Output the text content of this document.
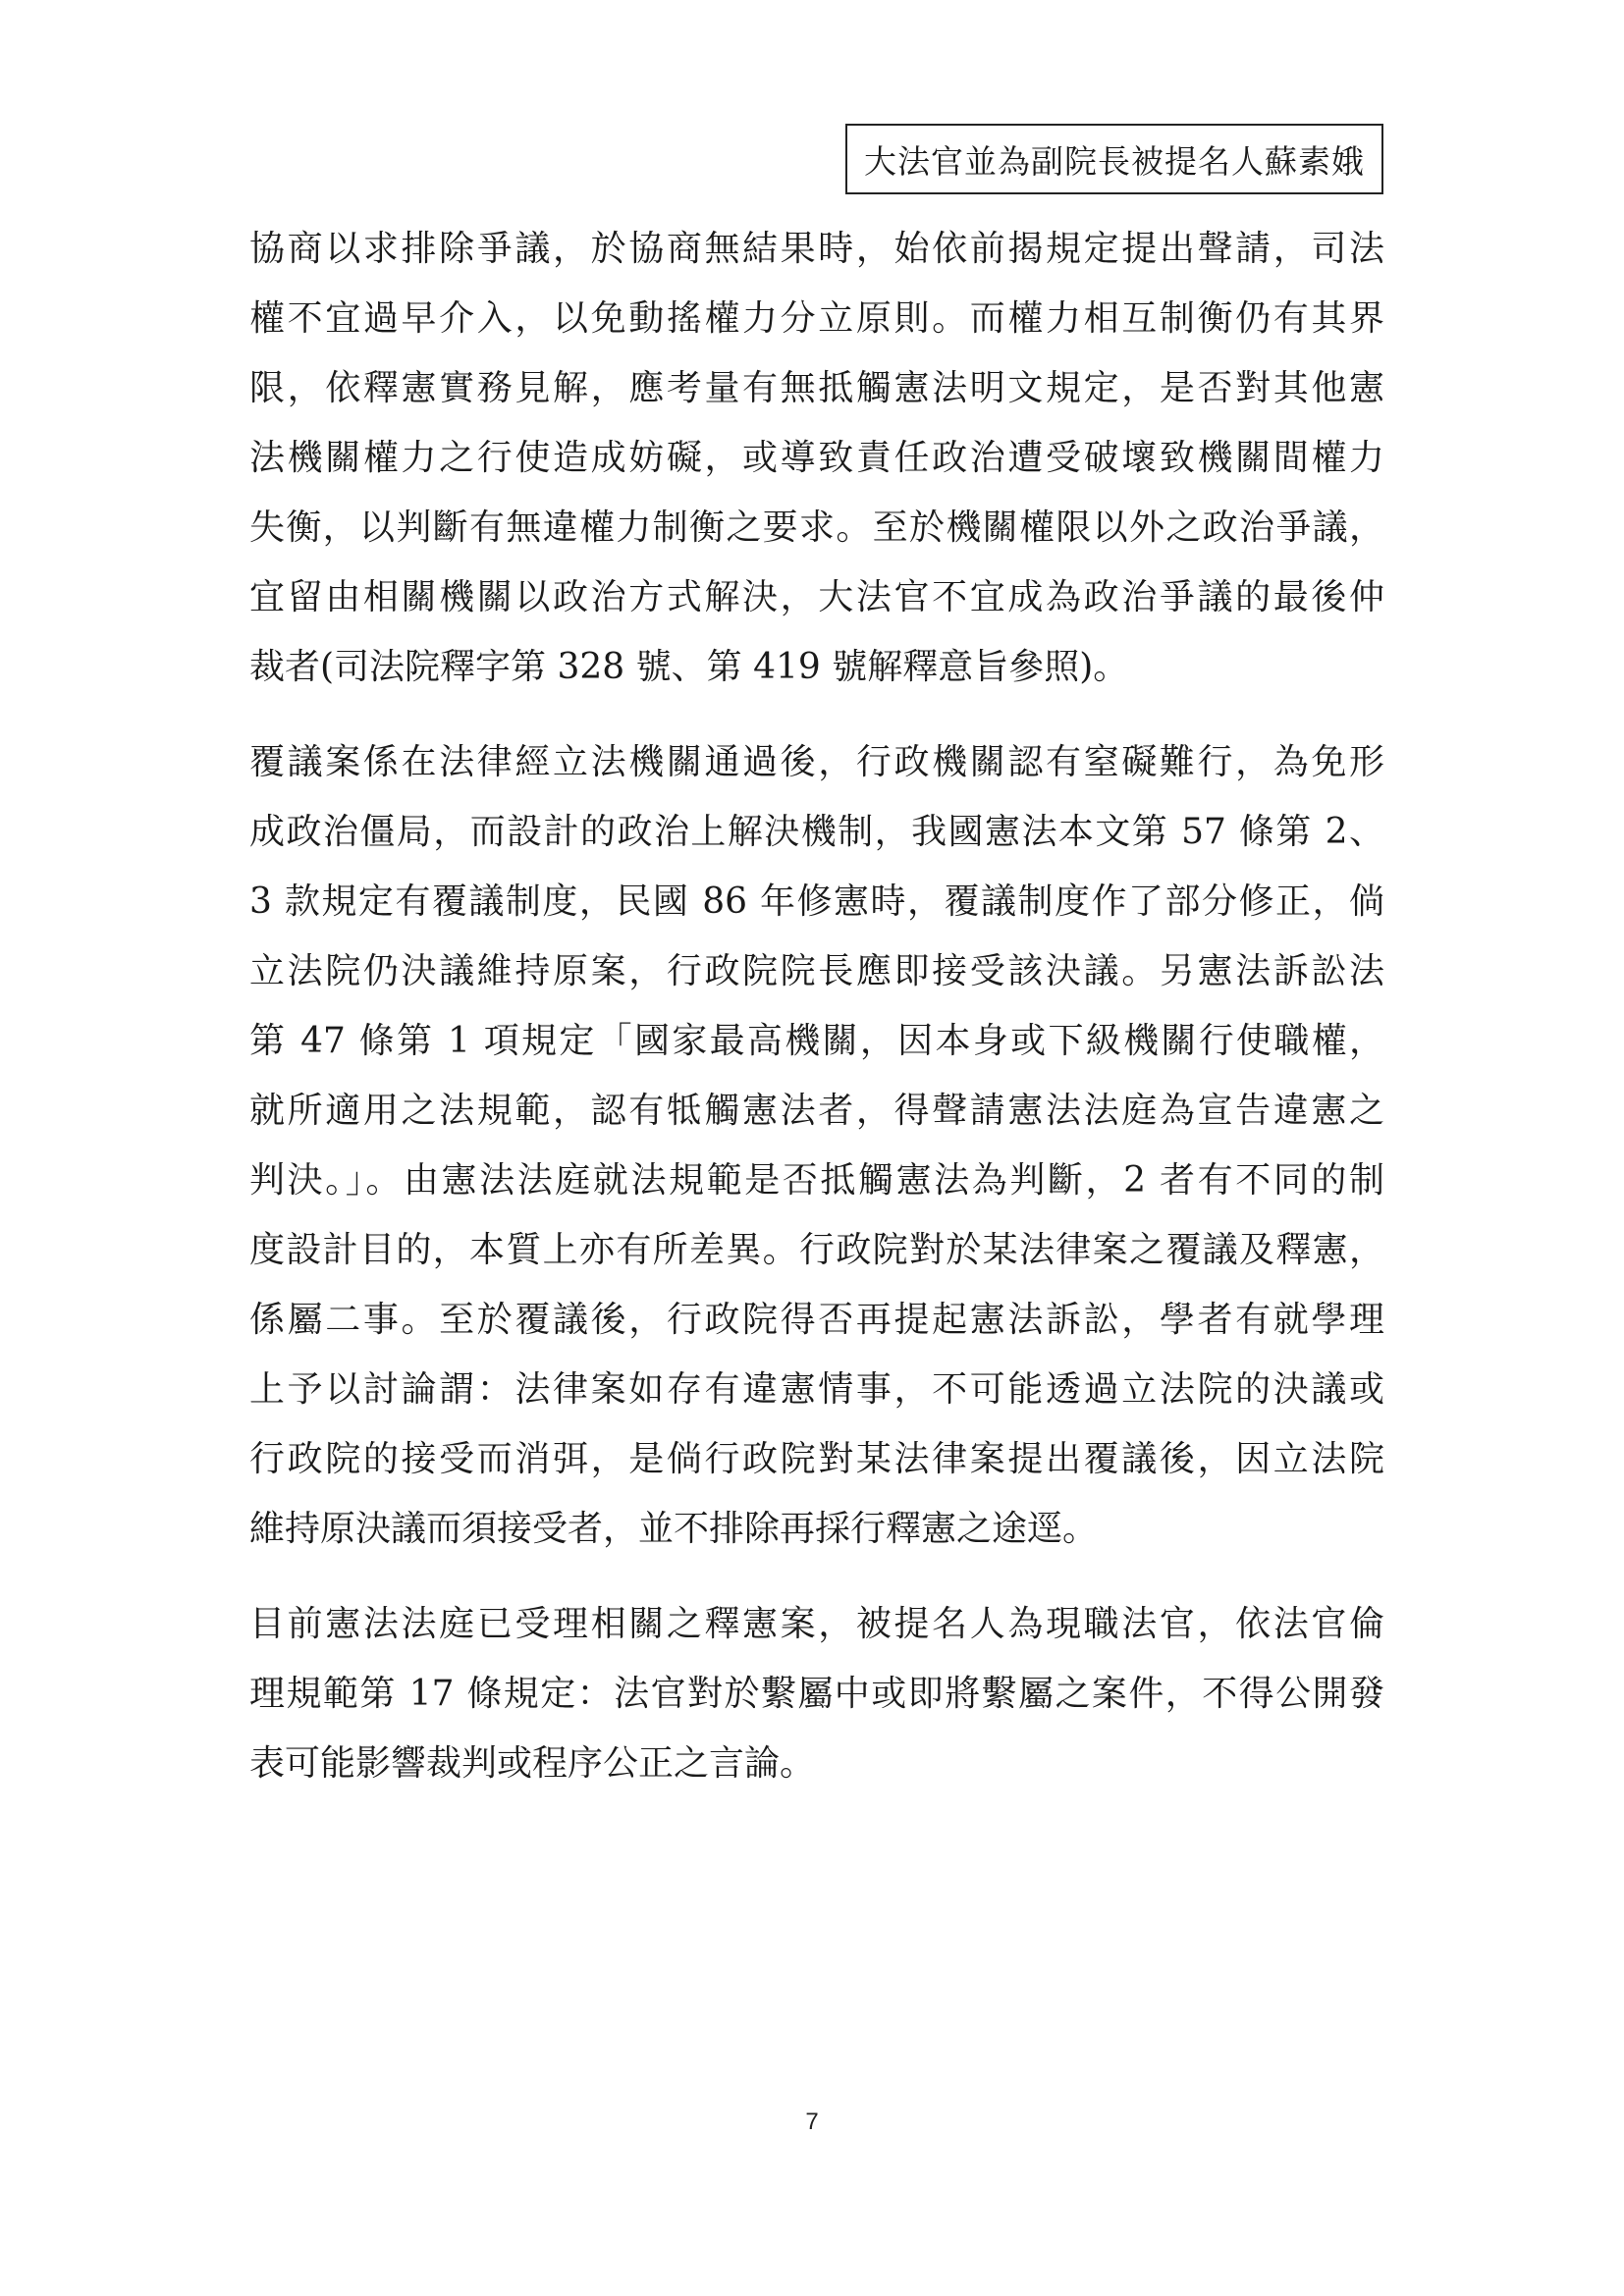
大法官並為副院長被提名人蘇素娥
協商以求排除爭議，於協商無結果時，始依前揭規定提出聲請，司法
權不宜過早介入，以免動搖權力分立原則。而權力相互制衡仍有其界
限，依釋憲實務見解，應考量有無抵觸憲法明文規定，是否對其他憲
法機關權力之行使造成妨礙，或導致責任政治遭受破壞致機關間權力
失衡，以判斷有無違權力制衡之要求。至於機關權限以外之政治爭議，
宜留由相關機關以政治方式解決，大法官不宜成為政治爭議的最後仲
裁者(司法院釋字第 328 號、第 419 號解釋意旨參照)。
覆議案係在法律經立法機關通過後，行政機關認有窒礙難行，為免形
成政治僵局，而設計的政治上解決機制，我國憲法本文第 57 條第 2、
3 款規定有覆議制度，民國 86 年修憲時，覆議制度作了部分修正，倘
立法院仍決議維持原案，行政院院長應即接受該決議。另憲法訴訟法
第 47 條第 1 項規定「國家最高機關，因本身或下級機關行使職權，
就所適用之法規範，認有牴觸憲法者，得聲請憲法法庭為宣告違憲之
判決。」。由憲法法庭就法規範是否抵觸憲法為判斷，2 者有不同的制
度設計目的，本質上亦有所差異。行政院對於某法律案之覆議及釋憲，
係屬二事。至於覆議後，行政院得否再提起憲法訴訟，學者有就學理
上予以討論謂：法律案如存有違憲情事，不可能透過立法院的決議或
行政院的接受而消弭，是倘行政院對某法律案提出覆議後，因立法院
維持原決議而須接受者，並不排除再採行釋憲之途逕。
目前憲法法庭已受理相關之釋憲案，被提名人為現職法官，依法官倫
理規範第 17 條規定：法官對於繫屬中或即將繫屬之案件，不得公開發
表可能影響裁判或程序公正之言論。
7
